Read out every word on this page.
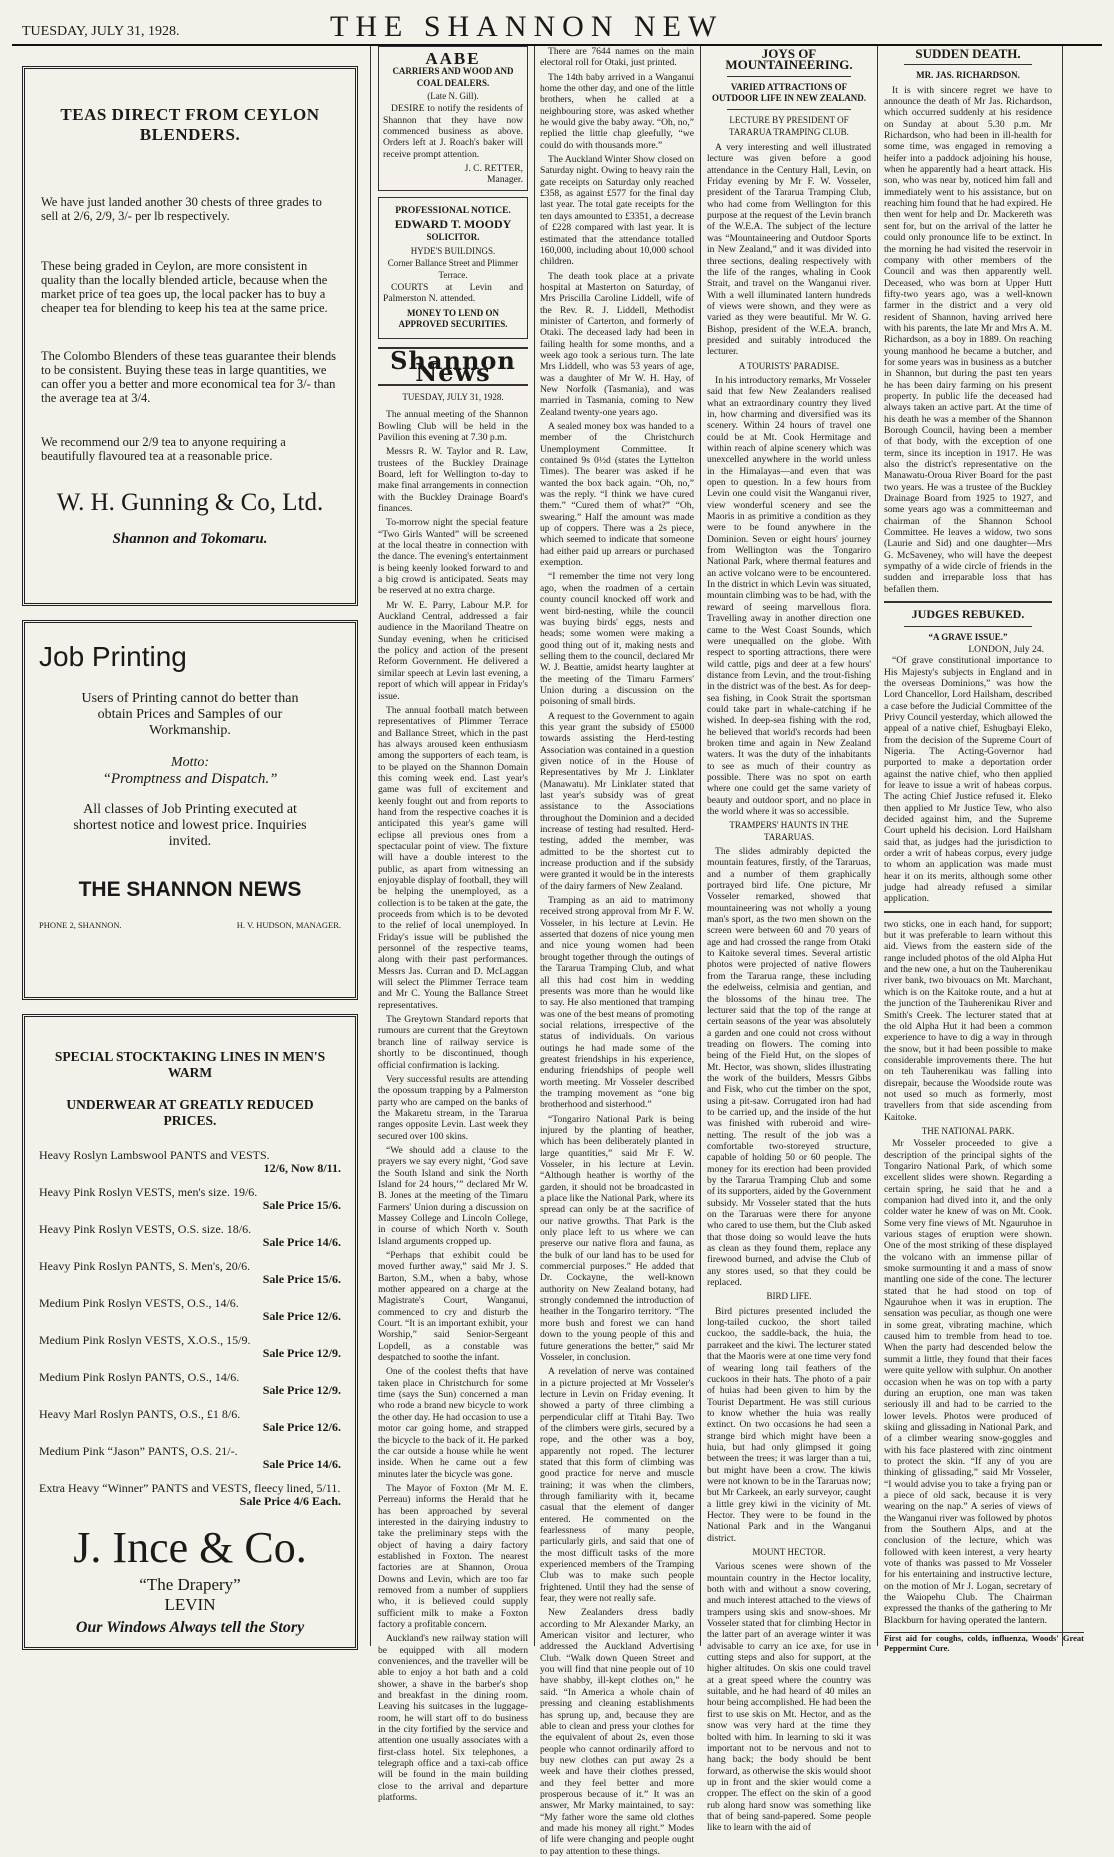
TUESDAY, JULY 31, 1928.	THE SHANNON NEW

TEAS DIRECT FROM CEYLON BLENDERS.

We have just landed another 30 chests of three grades to sell at 2/6, 2/9, 3/- per lb respectively.

These being graded in Ceylon, are more consistent in quality than the locally blended article, because when the market price of tea goes up, the local packer has to buy a cheaper tea for blending to keep his tea at the same price.

The Colombo Blenders of these teas guarantee their blends to be consistent. Buying these teas in large quantities, we can offer you a better and more economical tea for 3/- than the average tea at 3/4.

We recommend our 2/9 tea to anyone requiring a beautifully flavoured tea at a reasonable price.

W. H. Gunning & Co, Ltd.

Shannon and Tokomaru.

Job Printing

Users of Printing cannot do better than obtain Prices and Samples of our Workmanship.

Motto:

“Promptness and Dispatch.”

All classes of Job Printing executed at shortest notice and lowest price. Inquiries invited.

THE SHANNON NEWS

PHONE 2, SHANNON.	H. V. HUDSON, MANAGER.

SPECIAL STOCKTAKING LINES IN MEN'S WARM

UNDERWEAR AT GREATLY REDUCED PRICES.

Heavy Roslyn Lambswool PANTS and VESTS.
12/6, Now 8/11.
Heavy Pink Roslyn VESTS, men's size. 19/6.
Sale Price 15/6.
Heavy Pink Roslyn VESTS, O.S. size. 18/6.
Sale Price 14/6.
Heavy Pink Roslyn PANTS, S. Men's, 20/6.
Sale Price 15/6.
Medium Pink Roslyn VESTS, O.S., 14/6.
Sale Price 12/6.
Medium Pink Roslyn VESTS, X.O.S., 15/9.
Sale Price 12/9.
Medium Pink Roslyn PANTS, O.S., 14/6.
Sale Price 12/9.
Heavy Marl Roslyn PANTS, O.S., £1 8/6.
Sale Price 12/6.
Medium Pink “Jason” PANTS, O.S. 21/-.
Sale Price 14/6.
Extra Heavy “Winner” PANTS and VESTS, fleecy lined, 5/11.
Sale Price 4/6 Each.

J. Ince & Co.

“The Drapery”

LEVIN

Our Windows Always tell the Story

AABE

CARRIERS AND WOOD AND COAL DEALERS.

(Late N. Gill).

DESIRE to notify the residents of Shannon that they have now commenced business as above. Orders left at J. Roach's baker will receive prompt attention.

J. C. RETTER,

Manager.

PROFESSIONAL NOTICE.

EDWARD T. MOODY

SOLICITOR.

HYDE'S BUILDINGS.

Corner Ballance Street and Plimmer Terrace.

COURTS at Levin and Palmerston N. attended.

MONEY TO LEND ON APPROVED SECURITIES.

Shannon News

TUESDAY, JULY 31, 1928.

The annual meeting of the Shannon Bowling Club will be held in the Pavilion this evening at 7.30 p.m.

Messrs R. W. Taylor and R. Law, trustees of the Buckley Drainage Board, left for Wellington to-day to make final arrangements in connection with the Buckley Drainage Board's finances.

To-morrow night the special feature “Two Girls Wanted” will be screened at the local theatre in connection with the dance. The evening's entertainment is being keenly looked forward to and a big crowd is anticipated. Seats may be reserved at no extra charge.

Mr W. E. Parry, Labour M.P. for Auckland Central, addressed a fair audience in the Maoriland Theatre on Sunday evening, when he criticised the policy and action of the present Reform Government. He delivered a similar speech at Levin last evening, a report of which will appear in Friday's issue.

The annual football match between representatives of Plimmer Terrace and Ballance Street, which in the past has always aroused keen enthusiasm among the supporters of each team, is to be played on the Shannon Domain this coming week end. Last year's game was full of excitement and keenly fought out and from reports to hand from the respective coaches it is anticipated this year's game will eclipse all previous ones from a spectacular point of view. The fixture will have a double interest to the public, as apart from witnessing an enjoyable display of football, they will be helping the unemployed, as a collection is to be taken at the gate, the proceeds from which is to be devoted to the relief of local unemployed. In Friday's issue will be published the personnel of the respective teams, along with their past performances. Messrs Jas. Curran and D. McLaggan will select the Plimmer Terrace team and Mr C. Young the Ballance Street representatives.

The Greytown Standard reports that rumours are current that the Greytown branch line of railway service is shortly to be discontinued, though official confirmation is lacking.

Very successful results are attending the opossum trapping by a Palmerston party who are camped on the banks of the Makaretu stream, in the Tararua ranges opposite Levin. Last week they secured over 100 skins.

“We should add a clause to the prayers we say every night, ‘God save the South Island and sink the North Island for 24 hours,’” declared Mr W. B. Jones at the meeting of the Timaru Farmers' Union during a discussion on Massey College and Lincoln College, in course of which North v. South Island arguments cropped up.

“Perhaps that exhibit could be moved further away,” said Mr J. S. Barton, S.M., when a baby, whose mother appeared on a charge at the Magistrate's Court, Wanganui, commenced to cry and disturb the Court. “It is an important exhibit, your Worship,” said Senior-Sergeant Lopdell, as a constable was despatched to soothe the infant.

One of the coolest thefts that have taken place in Christchurch for some time (says the Sun) concerned a man who rode a brand new bicycle to work the other day. He had occasion to use a motor car going home, and strapped the bicycle to the back of it. He parked the car outside a house while he went inside. When he came out a few minutes later the bicycle was gone.

The Mayor of Foxton (Mr M. E. Perreau) informs the Herald that he has been approached by several interested in the dairying industry to take the preliminary steps with the object of having a dairy factory established in Foxton. The nearest factories are at Shannon, Oroua Downs and Levin, which are too far removed from a number of suppliers who, it is believed could supply sufficient milk to make a Foxton factory a profitable concern.

Auckland's new railway station will be equipped with all modern conveniences, and the traveller will be able to enjoy a hot bath and a cold shower, a shave in the barber's shop and breakfast in the dining room. Leaving his suitcases in the luggage-room, he will start off to do business in the city fortified by the service and attention one usually associates with a first-class hotel. Six telephones, a telegraph office and a taxi-cab office will be found in the main building close to the arrival and departure platforms.

There are 7644 names on the main electoral roll for Otaki, just printed.

The 14th baby arrived in a Wanganui home the other day, and one of the little brothers, when he called at a neighbouring store, was asked whether he would give the baby away. “Oh, no,” replied the little chap gleefully, “we could do with thousands more.”

The Auckland Winter Show closed on Saturday night. Owing to heavy rain the gate receipts on Saturday only reached £358, as against £577 for the final day last year. The total gate receipts for the ten days amounted to £3351, a decrease of £228 compared with last year. It is estimated that the attendance totalled 160,000, including about 10,000 school children.

The death took place at a private hospital at Masterton on Saturday, of Mrs Priscilla Caroline Liddell, wife of the Rev. R. J. Liddell, Methodist minister of Carterton, and formerly of Otaki. The deceased lady had been in failing health for some months, and a week ago took a serious turn. The late Mrs Liddell, who was 53 years of age, was a daughter of Mr W. H. Hay, of New Norfolk (Tasmania), and was married in Tasmania, coming to New Zealand twenty-one years ago.

A sealed money box was handed to a member of the Christchurch Unemployment Committee. It contained 9s 0½d (states the Lyttelton Times). The bearer was asked if he wanted the box back again. “Oh, no,” was the reply. “I think we have cured them.” “Cured them of what?” “Oh, swearing.” Half the amount was made up of coppers. There was a 2s piece, which seemed to indicate that someone had either paid up arrears or purchased exemption.

“I remember the time not very long ago, when the roadmen of a certain county council knocked off work and went bird-nesting, while the council was buying birds' eggs, nests and heads; some women were making a good thing out of it, making nests and selling them to the council, declared Mr W. J. Beattie, amidst hearty laughter at the meeting of the Timaru Farmers' Union during a discussion on the poisoning of small birds.

A request to the Government to again this year grant the subsidy of £5000 towards assisting the Herd-testing Association was contained in a question given notice of in the House of Representatives by Mr J. Linklater (Manawatu). Mr Linklater stated that last year's subsidy was of great assistance to the Associations throughout the Dominion and a decided increase of testing had resulted. Herd-testing, added the member, was admitted to be the shortest cut to increase production and if the subsidy were granted it would be in the interests of the dairy farmers of New Zealand.

Tramping as an aid to matrimony received strong approval from Mr F. W. Vosseler, in his lecture at Levin. He asserted that dozens of nice young men and nice young women had been brought together through the outings of the Tararua Tramping Club, and what all this had cost him in wedding presents was more than he would like to say. He also mentioned that tramping was one of the best means of promoting social relations, irrespective of the status of individuals. On various outings he had made some of the greatest friendships in his experience, enduring friendships of people well worth meeting. Mr Vosseler described the tramping movement as “one big brotherhood and sisterhood.”

“Tongariro National Park is being injured by the planting of heather, which has been deliberately planted in large quantities,” said Mr F. W. Vosseler, in his lecture at Levin. “Although heather is worthy of the garden, it should not be broadcasted in a place like the National Park, where its spread can only be at the sacrifice of our native growths. That Park is the only place left to us where we can preserve our native flora and fauna, as the bulk of our land has to be used for commercial purposes.” He added that Dr. Cockayne, the well-known authority on New Zealand botany, had strongly condemned the introduction of heather in the Tongariro territory. “The more bush and forest we can hand down to the young people of this and future generations the better,” said Mr Vosseler, in conclusion.

A revelation of nerve was contained in a picture projected at Mr Vosseler's lecture in Levin on Friday evening. It showed a party of three climbing a perpendicular cliff at Titahi Bay. Two of the climbers were girls, secured by a rope, and the other was a boy, apparently not roped. The lecturer stated that this form of climbing was good practice for nerve and muscle training; it was when the climbers, through familiarity with it, became casual that the element of danger entered. He commented on the fearlessness of many people, particularly girls, and said that one of the most difficult tasks of the more experienced members of the Tramping Club was to make such people frightened. Until they had the sense of fear, they were not really safe.

New Zealanders dress badly according to Mr Alexander Marky, an American visitor and lecturer, who addressed the Auckland Advertising Club. “Walk down Queen Street and you will find that nine people out of 10 have shabby, ill-kept clothes on,” he said. “In America a whole chain of pressing and cleaning establishments has sprung up, and, because they are able to clean and press your clothes for the equivalent of about 2s, even those people who cannot ordinarily afford to buy new clothes can put away 2s a week and have their clothes pressed, and they feel better and more prosperous because of it.” It was an answer, Mr Marky maintained, to say: “My father wore the same old clothes and made his money all right.” Modes of life were changing and people ought to pay attention to these things.

JOYS OF MOUNTAINEERING.

VARIED ATTRACTIONS OF OUTDOOR LIFE IN NEW ZEALAND.

LECTURE BY PRESIDENT OF TARARUA TRAMPING CLUB.

A very interesting and well illustrated lecture was given before a good attendance in the Century Hall, Levin, on Friday evening by Mr F. W. Vosseler, president of the Tararua Tramping Club, who had come from Wellington for this purpose at the request of the Levin branch of the W.E.A. The subject of the lecture was “Mountaineering and Outdoor Sports in New Zealand,” and it was divided into three sections, dealing respectively with the life of the ranges, whaling in Cook Strait, and travel on the Wanganui river. With a well illuminated lantern hundreds of views were shown, and they were as varied as they were beautiful. Mr W. G. Bishop, president of the W.E.A. branch, presided and suitably introduced the lecturer.

A TOURISTS' PARADISE.

In his introductory remarks, Mr Vosseler said that few New Zealanders realised what an extraordinary country they lived in, how charming and diversified was its scenery. Within 24 hours of travel one could be at Mt. Cook Hermitage and within reach of alpine scenery which was unexcelled anywhere in the world unless in the Himalayas—and even that was open to question. In a few hours from Levin one could visit the Wanganui river, view wonderful scenery and see the Maoris in as primitive a condition as they were to be found anywhere in the Dominion. Seven or eight hours' journey from Wellington was the Tongariro National Park, where thermal features and an active volcano were to be encountered. In the district in which Levin was situated, mountain climbing was to be had, with the reward of seeing marvellous flora. Travelling away in another direction one came to the West Coast Sounds, which were unequalled on the globe. With respect to sporting attractions, there were wild cattle, pigs and deer at a few hours' distance from Levin, and the trout-fishing in the district was of the best. As for deep-sea fishing, in Cook Strait the sportsman could take part in whale-catching if he wished. In deep-sea fishing with the rod, he believed that world's records had been broken time and again in New Zealand waters. It was the duty of the inhabitants to see as much of their country as possible. There was no spot on earth where one could get the same variety of beauty and outdoor sport, and no place in the world where it was so accessible.

TRAMPERS' HAUNTS IN THE TARARUAS.

The slides admirably depicted the mountain features, firstly, of the Tararuas, and a number of them graphically portrayed bird life. One picture, Mr Vosseler remarked, showed that mountaineering was not wholly a young man's sport, as the two men shown on the screen were between 60 and 70 years of age and had crossed the range from Otaki to Kaitoke several times. Several artistic photos were projected of native flowers from the Tararua range, these including the edelweiss, celmisia and gentian, and the blossoms of the hinau tree. The lecturer said that the top of the range at certain seasons of the year was absolutely a garden and one could not cross without treading on flowers. The coming into being of the Field Hut, on the slopes of Mt. Hector, was shown, slides illustrating the work of the builders, Messrs Gibbs and Fisk, who cut the timber on the spot, using a pit-saw. Corrugated iron had had to be carried up, and the inside of the hut was finished with ruberoid and wire-netting. The result of the job was a comfortable two-storeyed structure, capable of holding 50 or 60 people. The money for its erection had been provided by the Tararua Tramping Club and some of its supporters, aided by the Government subsidy. Mr Vosseler stated that the huts on the Tararuas were there for anyone who cared to use them, but the Club asked that those doing so would leave the huts as clean as they found them, replace any firewood burned, and advise the Club of any stores used, so that they could be replaced.

BIRD LIFE.

Bird pictures presented included the long-tailed cuckoo, the short tailed cuckoo, the saddle-back, the huia, the parrakeet and the kiwi. The lecturer stated that the Maoris were at one time very fond of wearing long tail feathers of the cuckoos in their hats. The photo of a pair of huias had been given to him by the Tourist Department. He was still curious to know whether the huia was really extinct. On two occasions he had seen a strange bird which might have been a huia, but had only glimpsed it going between the trees; it was larger than a tui, but might have been a crow. The kiwis were not known to be in the Tararuas now; but Mr Carkeek, an early surveyor, caught a little grey kiwi in the vicinity of Mt. Hector. They were to be found in the National Park and in the Wanganui district.

MOUNT HECTOR.

Various scenes were shown of the mountain country in the Hector locality, both with and without a snow covering, and much interest attached to the views of trampers using skis and snow-shoes. Mr Vosseler stated that for climbing Hector in the latter part of an average winter it was advisable to carry an ice axe, for use in cutting steps and also for support, at the higher altitudes. On skis one could travel at a great speed where the country was suitable, and he had heard of 40 miles an hour being accomplished. He had been the first to use skis on Mt. Hector, and as the snow was very hard at the time they bolted with him. In learning to ski it was important not to be nervous and not to hang back; the body should be bent forward, as otherwise the skis would shoot up in front and the skier would come a cropper. The effect on the skin of a good rub along hard snow was something like that of being sand-papered. Some people like to learn with the aid of

SUDDEN DEATH.

MR. JAS. RICHARDSON.

It is with sincere regret we have to announce the death of Mr Jas. Richardson, which occurred suddenly at his residence on Sunday at about 5.30 p.m. Mr Richardson, who had been in ill-health for some time, was engaged in removing a heifer into a paddock adjoining his house, when he apparently had a heart attack. His son, who was near by, noticed him fall and immediately went to his assistance, but on reaching him found that he had expired. He then went for help and Dr. Mackereth was sent for, but on the arrival of the latter he could only pronounce life to be extinct. In the morning he had visited the reservoir in company with other members of the Council and was then apparently well. Deceased, who was born at Upper Hutt fifty-two years ago, was a well-known farmer in the district and a very old resident of Shannon, having arrived here with his parents, the late Mr and Mrs A. M. Richardson, as a boy in 1889. On reaching young manhood he became a butcher, and for some years was in business as a butcher in Shannon, but during the past ten years he has been dairy farming on his present property. In public life the deceased had always taken an active part. At the time of his death he was a member of the Shannon Borough Council, having been a member of that body, with the exception of one term, since its inception in 1917. He was also the district's representative on the Manawatu-Oroua River Board for the past two years. He was a trustee of the Buckley Drainage Board from 1925 to 1927, and some years ago was a committeeman and chairman of the Shannon School Committee. He leaves a widow, two sons (Laurie and Sid) and one daughter—Mrs G. McSaveney, who will have the deepest sympathy of a wide circle of friends in the sudden and irreparable loss that has befallen them.

JUDGES REBUKED.

“A GRAVE ISSUE.”

LONDON, July 24.

“Of grave constitutional importance to His Majesty's subjects in England and in the overseas Dominions,” was how the Lord Chancellor, Lord Hailsham, described a case before the Judicial Committee of the Privy Council yesterday, which allowed the appeal of a native chief, Eshugbayi Eleko, from the decision of the Supreme Court of Nigeria. The Acting-Governor had purported to make a deportation order against the native chief, who then applied for leave to issue a writ of habeas corpus. The acting Chief Justice refused it. Eleko then applied to Mr Justice Tew, who also decided against him, and the Supreme Court upheld his decision. Lord Hailsham said that, as judges had the jurisdiction to order a writ of habeas corpus, every judge to whom an application was made must hear it on its merits, although some other judge had already refused a similar application.

two sticks, one in each hand, for support; but it was preferable to learn without this aid. Views from the eastern side of the range included photos of the old Alpha Hut and the new one, a hut on the Tauherenikau river bank, two bivouacs on Mt. Marchant, which is on the Kaitoke route, and a hut at the junction of the Tauherenikau River and Smith's Creek. The lecturer stated that at the old Alpha Hut it had been a common experience to have to dig a way in through the snow, but it had been possible to make considerable improvements there. The hut on teh Tauherenikau was falling into disrepair, because the Woodside route was not used so much as formerly, most travellers from that side ascending from Kaitoke.

THE NATIONAL PARK.

Mr Vosseler proceeded to give a description of the principal sights of the Tongariro National Park, of which some excellent slides were shown. Regarding a certain spring, he said that he and a companion had dived into it, and the only colder water he knew of was on Mt. Cook. Some very fine views of Mt. Ngauruhoe in various stages of eruption were shown. One of the most striking of these displayed the volcano with an immense pillar of smoke surmounting it and a mass of snow mantling one side of the cone. The lecturer stated that he had stood on top of Ngauruhoe when it was in eruption. The sensation was peculiar, as though one were in some great, vibrating machine, which caused him to tremble from head to toe. When the party had descended below the summit a little, they found that their faces were quite yellow with sulphur. On another occasion when he was on top with a party during an eruption, one man was taken seriously ill and had to be carried to the lower levels. Photos were produced of skiing and glissading in National Park, and of a climber wearing snow-goggles and with his face plastered with zinc ointment to protect the skin. “If any of you are thinking of glissading,” said Mr Vosseler, “I would advise you to take a frying pan or a piece of old sack, because it is very wearing on the nap.” A series of views of the Wanganui river was followed by photos from the Southern Alps, and at the conclusion of the lecture, which was followed with keen interest, a very hearty vote of thanks was passed to Mr Vosseler for his entertaining and instructive lecture, on the motion of Mr J. Logan, secretary of the Waiopehu Club. The Chairman expressed the thanks of the gathering to Mr Blackburn for having operated the lantern.

First aid for coughs, colds, influenza, Woods' Great Peppermint Cure.
